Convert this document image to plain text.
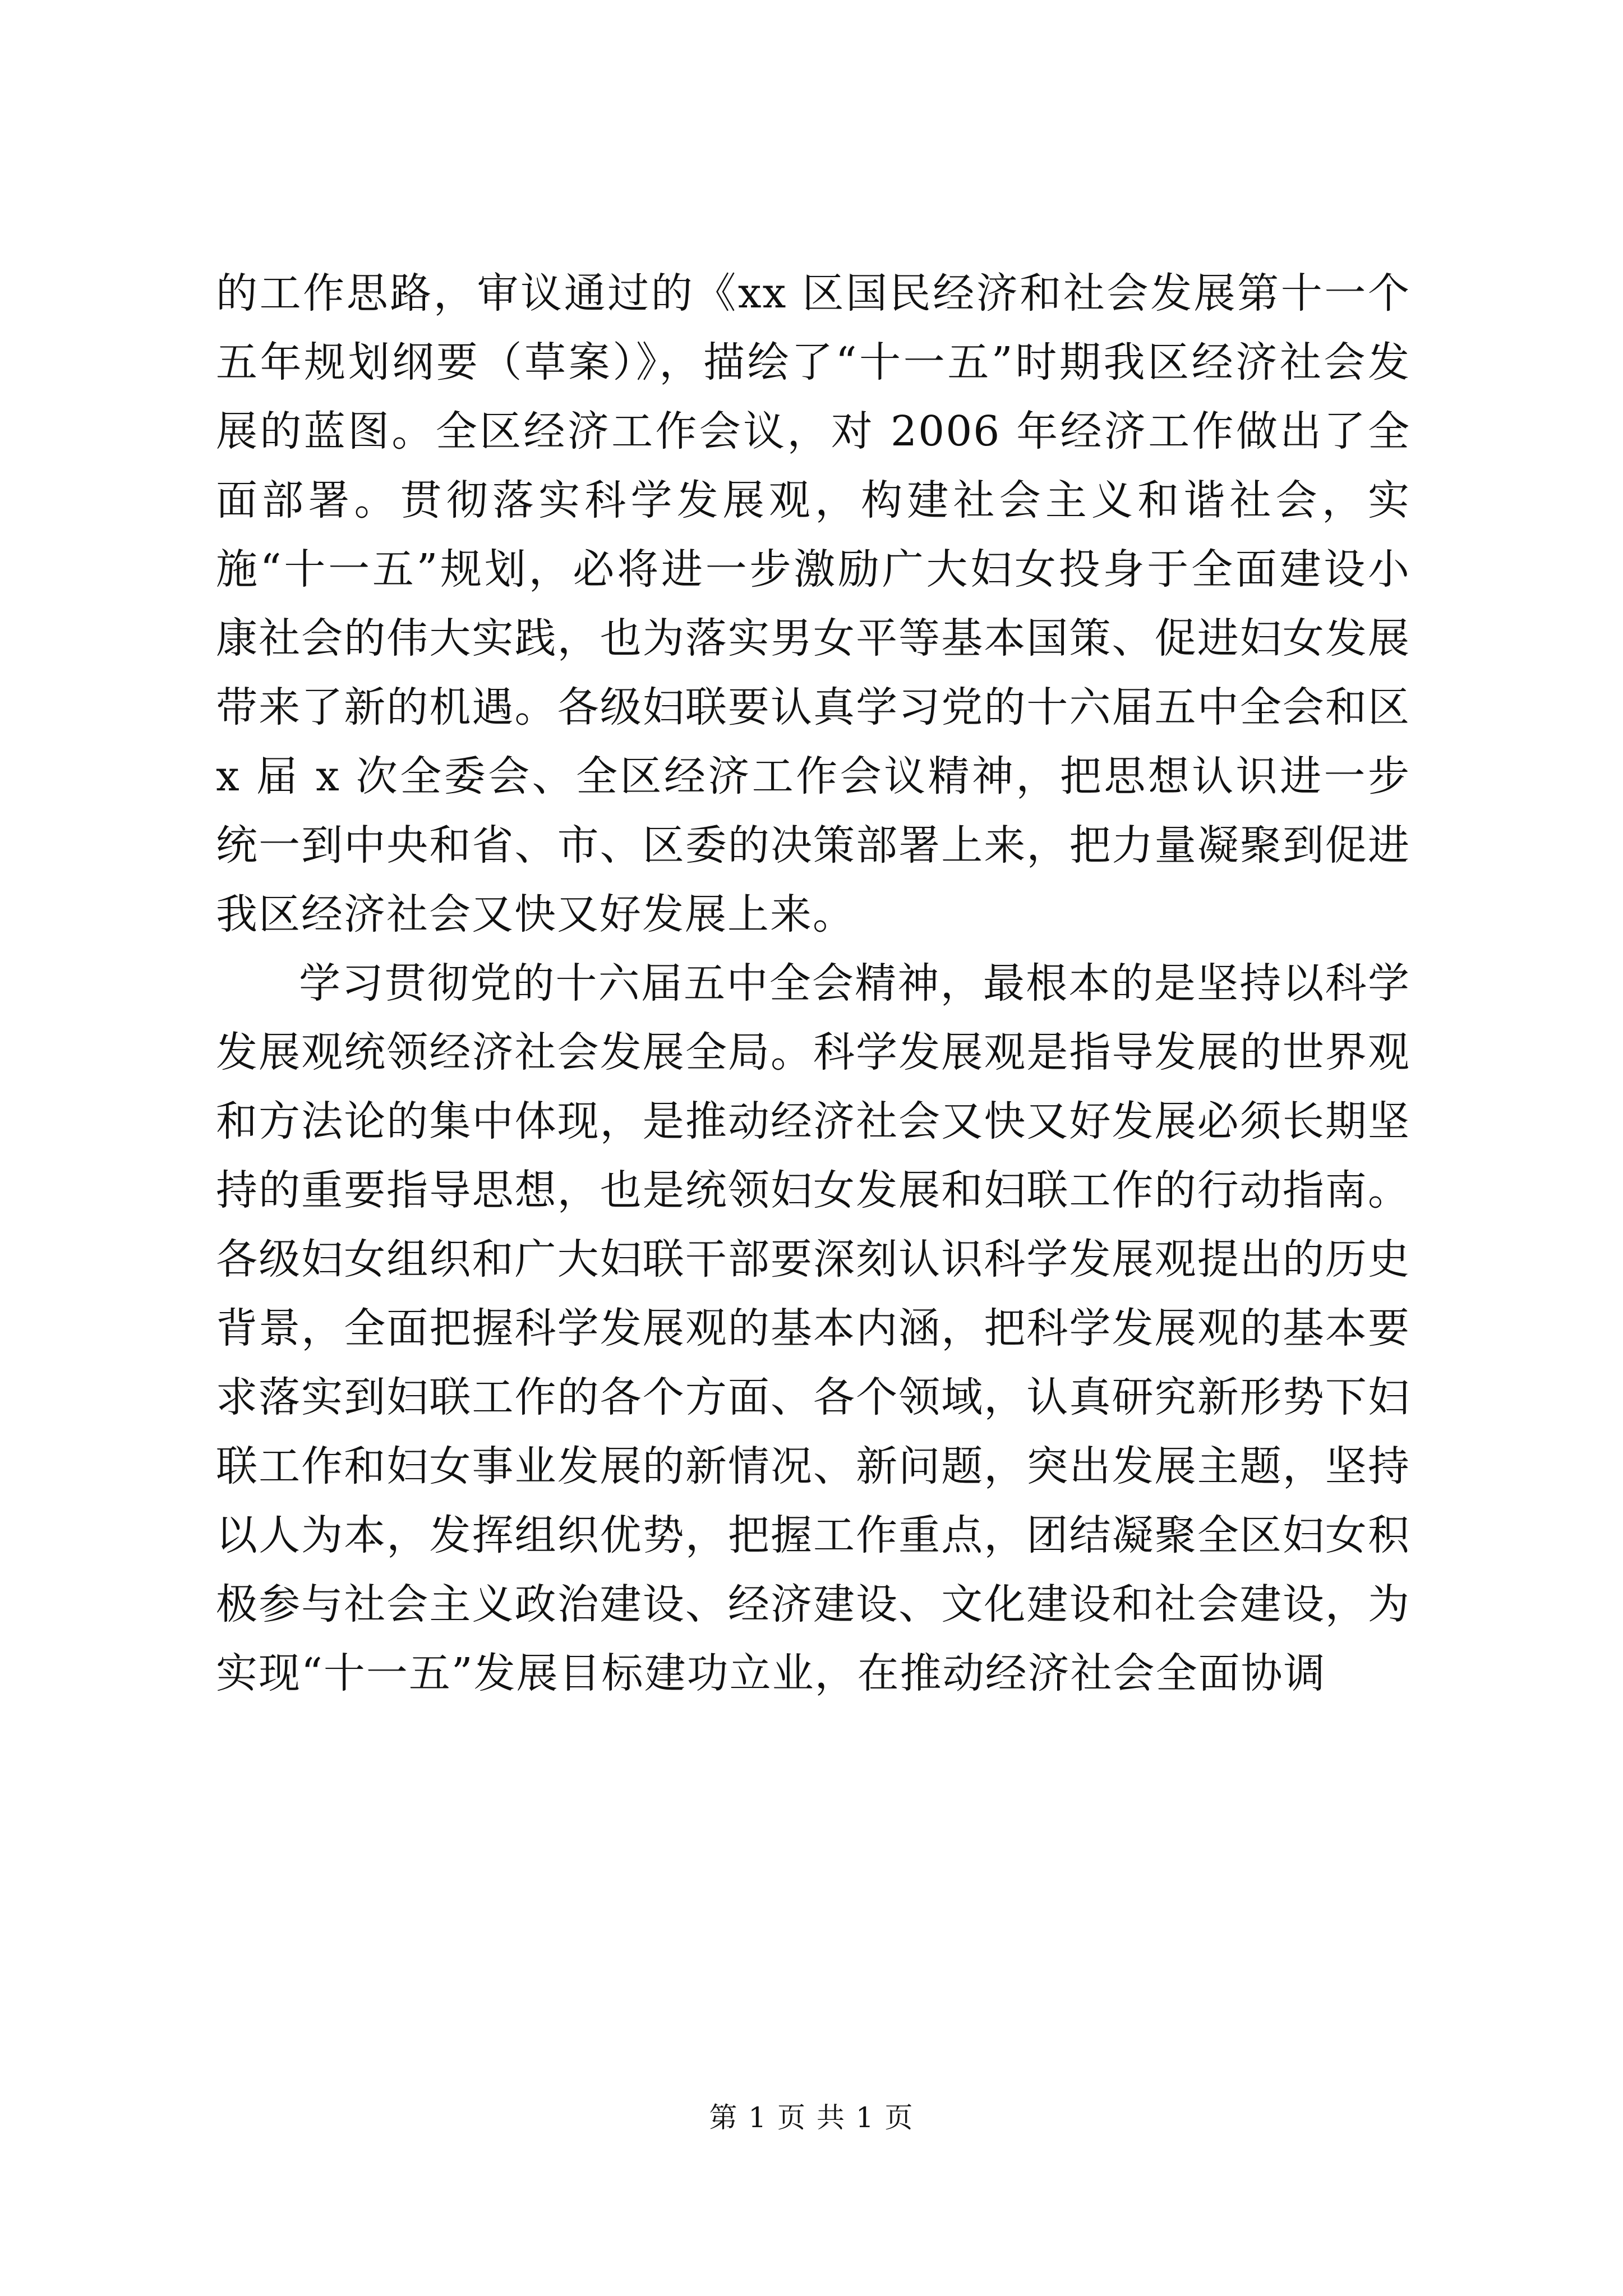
的工作思路，审议通过的《xx 区国民经济和社会发展第十一个五年规划纲要（草案）》，描绘了“十一五”时期我区经济社会发展的蓝图。全区经济工作会议，对 2006 年经济工作做出了全面部署。贯彻落实科学发展观，构建社会主义和谐社会，实施“十一五”规划，必将进一步激励广大妇女投身于全面建设小康社会的伟大实践，也为落实男女平等基本国策、促进妇女发展带来了新的机遇。各级妇联要认真学习党的十六届五中全会和区 x 届 x 次全委会、全区经济工作会议精神，把思想认识进一步统一到中央和省、市、区委的决策部署上来，把力量凝聚到促进我区经济社会又快又好发展上来。

学习贯彻党的十六届五中全会精神，最根本的是坚持以科学发展观统领经济社会发展全局。科学发展观是指导发展的世界观和方法论的集中体现，是推动经济社会又快又好发展必须长期坚持的重要指导思想，也是统领妇女发展和妇联工作的行动指南。各级妇女组织和广大妇联干部要深刻认识科学发展观提出的历史背景，全面把握科学发展观的基本内涵，把科学发展观的基本要求落实到妇联工作的各个方面、各个领域，认真研究新形势下妇联工作和妇女事业发展的新情况、新问题，突出发展主题，坚持以人为本，发挥组织优势，把握工作重点，团结凝聚全区妇女积极参与社会主义政治建设、经济建设、文化建设和社会建设，为实现“十一五”发展目标建功立业，在推动经济社会全面协调

第 1 页 共 1 页
